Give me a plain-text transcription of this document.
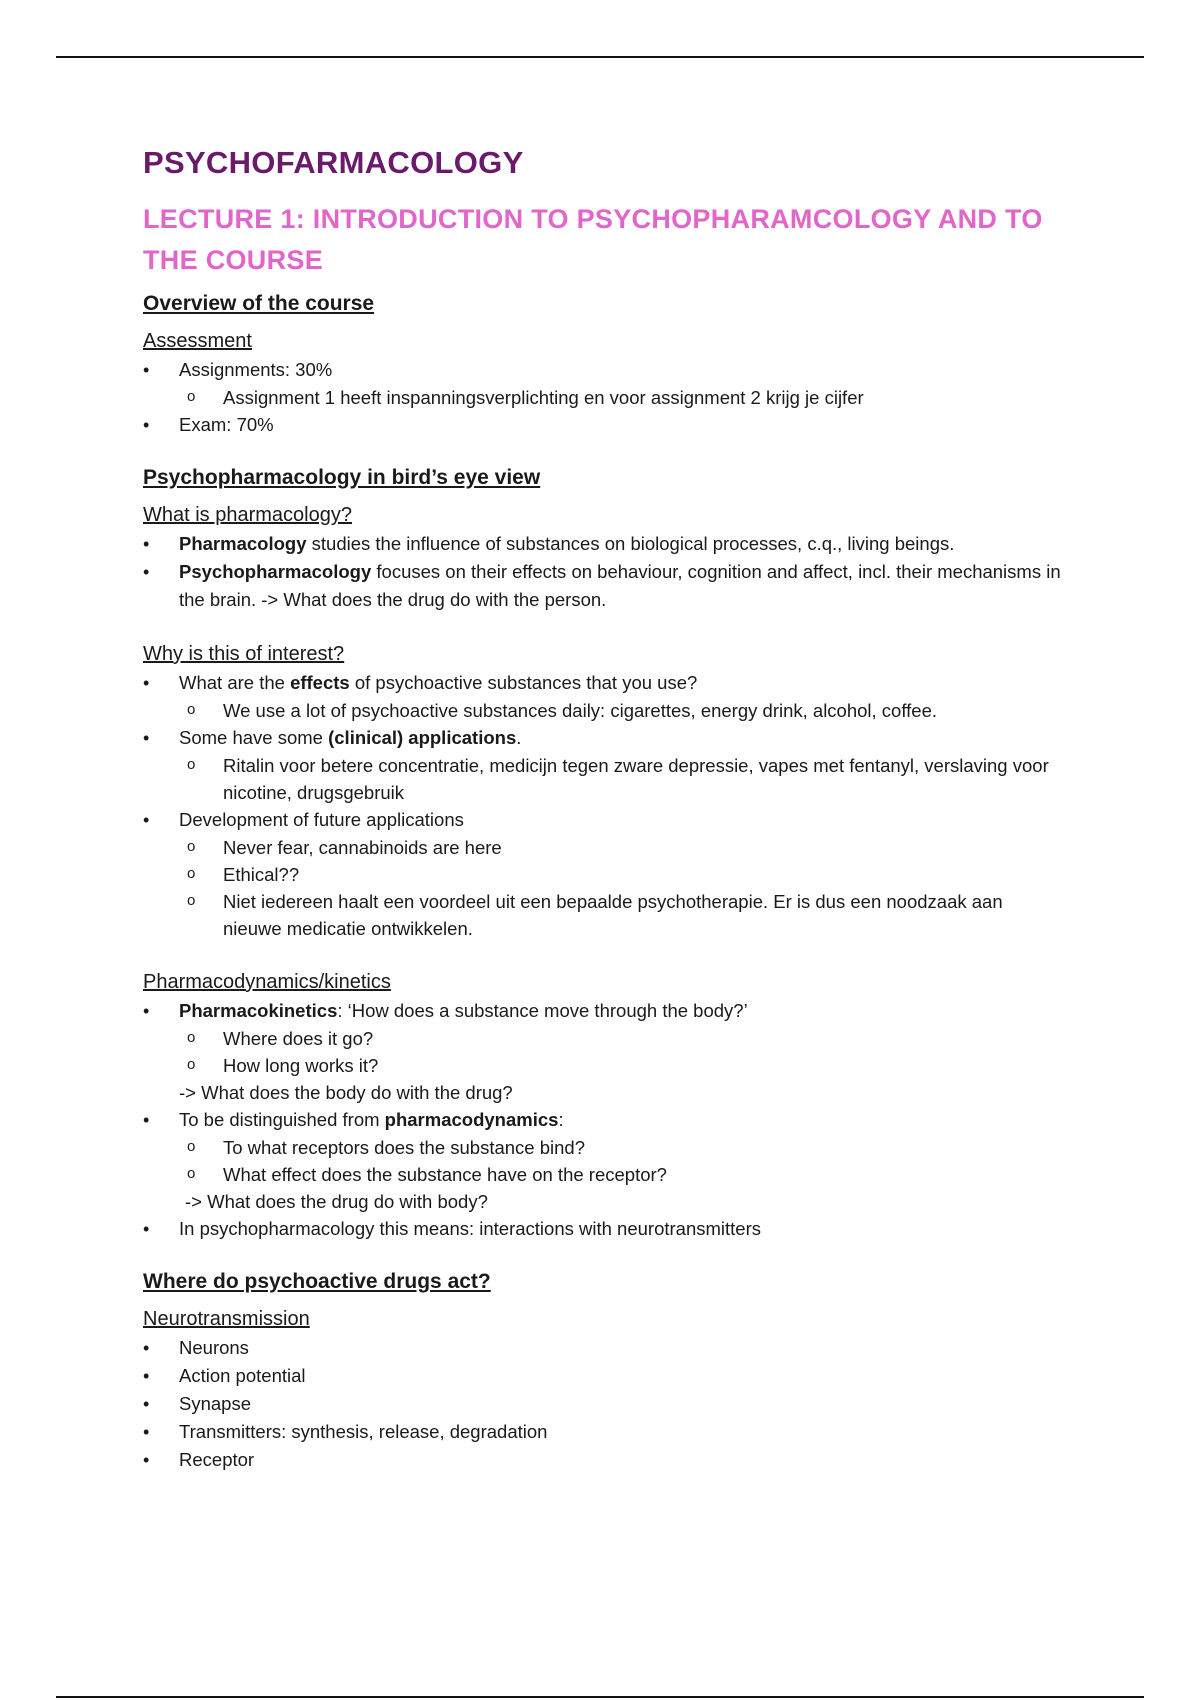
PSYCHOFARMACOLOGY
LECTURE 1: INTRODUCTION TO PSYCHOPHARAMCOLOGY AND TO THE COURSE
Overview of the course
Assessment
• Assignments: 30%
o Assignment 1 heeft inspanningsverplichting en voor assignment 2 krijg je cijfer
• Exam: 70%
Psychopharmacology in bird’s eye view
What is pharmacology?
• Pharmacology studies the influence of substances on biological processes, c.q., living beings.
• Psychopharmacology focuses on their effects on behaviour, cognition and affect, incl. their mechanisms in the brain. -> What does the drug do with the person.
Why is this of interest?
• What are the effects of psychoactive substances that you use?
o We use a lot of psychoactive substances daily: cigarettes, energy drink, alcohol, coffee.
• Some have some (clinical) applications.
o Ritalin voor betere concentratie, medicijn tegen zware depressie, vapes met fentanyl, verslaving voor nicotine, drugsgebruik
• Development of future applications
o Never fear, cannabinoids are here
o Ethical??
o Niet iedereen haalt een voordeel uit een bepaalde psychotherapie. Er is dus een noodzaak aan nieuwe medicatie ontwikkelen.
Pharmacodynamics/kinetics
• Pharmacokinetics: ‘How does a substance move through the body?’
o Where does it go?
o How long works it?
-> What does the body do with the drug?
• To be distinguished from pharmacodynamics:
o To what receptors does the substance bind?
o What effect does the substance have on the receptor?
-> What does the drug do with body?
• In psychopharmacology this means: interactions with neurotransmitters
Where do psychoactive drugs act?
Neurotransmission
• Neurons
• Action potential
• Synapse
• Transmitters: synthesis, release, degradation
• Receptor
